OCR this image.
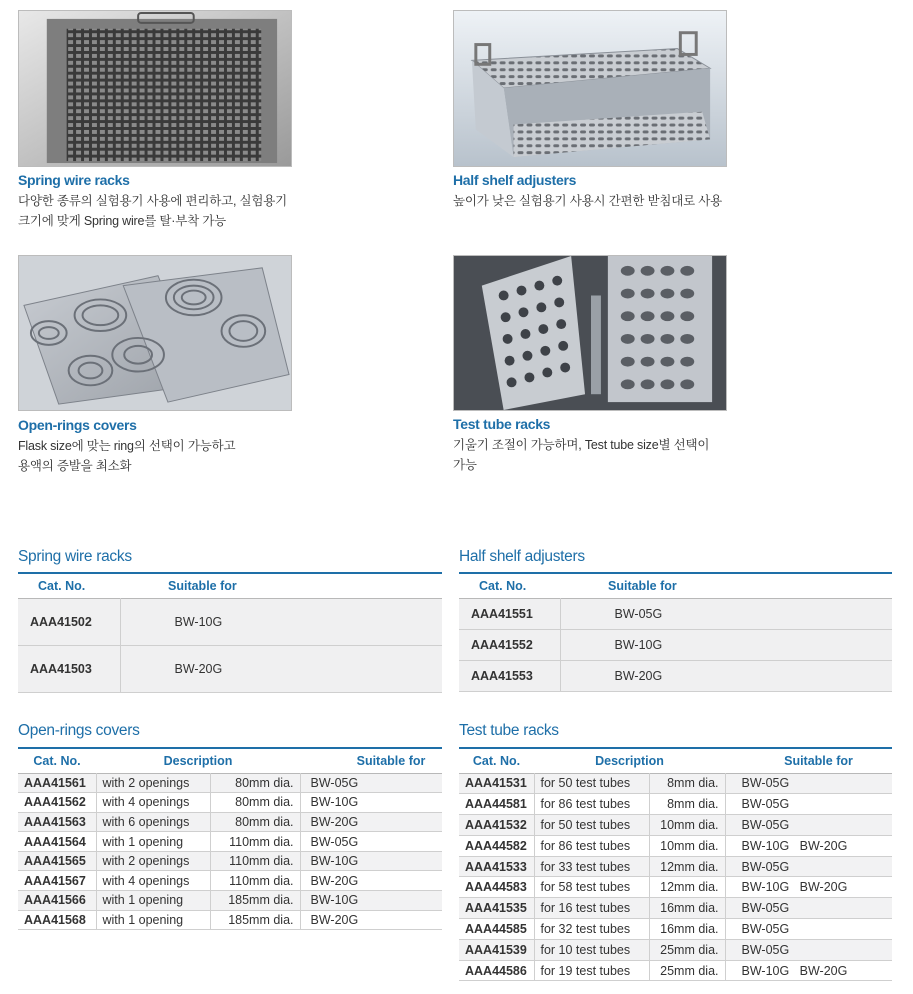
Spring wire racks
다양한 종류의 실험용기 사용에 편리하고, 실험용기
크기에 맞게 Spring wire를 탈·부착 가능
Half shelf adjusters
높이가 낮은 실험용기 사용시 간편한 받침대로 사용
Open-rings covers
Flask size에 맞는 ring의 선택이 가능하고
용액의 증발을 최소화
Test tube racks
기울기 조절이 가능하며, Test tube size별 선택이
가능
Spring wire racks
Cat. No.	Suitable for
AAA41502	BW-10G
AAA41503	BW-20G
Half shelf adjusters
Cat. No.	Suitable for
AAA41551	BW-05G
AAA41552	BW-10G
AAA41553	BW-20G
Open-rings covers
Cat. No.	Description		Suitable for
AAA41561	with 2 openings	80mm dia.	BW-05G
AAA41562	with 4 openings	80mm dia.	BW-10G
AAA41563	with 6 openings	80mm dia.	BW-20G
AAA41564	with 1 opening	110mm dia.	BW-05G
AAA41565	with 2 openings	110mm dia.	BW-10G
AAA41567	with 4 openings	110mm dia.	BW-20G
AAA41566	with 1 opening	185mm dia.	BW-10G
AAA41568	with 1 opening	185mm dia.	BW-20G
Test tube racks
Cat. No.	Description		Suitable for
AAA41531	for 50 test tubes	8mm dia.	BW-05G
AAA44581	for 86 test tubes	8mm dia.	BW-05G
AAA41532	for 50 test tubes	10mm dia.	BW-05G
AAA44582	for 86 test tubes	10mm dia.	BW-10G   BW-20G
AAA41533	for 33 test tubes	12mm dia.	BW-05G
AAA44583	for 58 test tubes	12mm dia.	BW-10G   BW-20G
AAA41535	for 16 test tubes	16mm dia.	BW-05G
AAA44585	for 32 test tubes	16mm dia.	BW-05G
AAA41539	for 10 test tubes	25mm dia.	BW-05G
AAA44586	for 19 test tubes	25mm dia.	BW-10G   BW-20G
